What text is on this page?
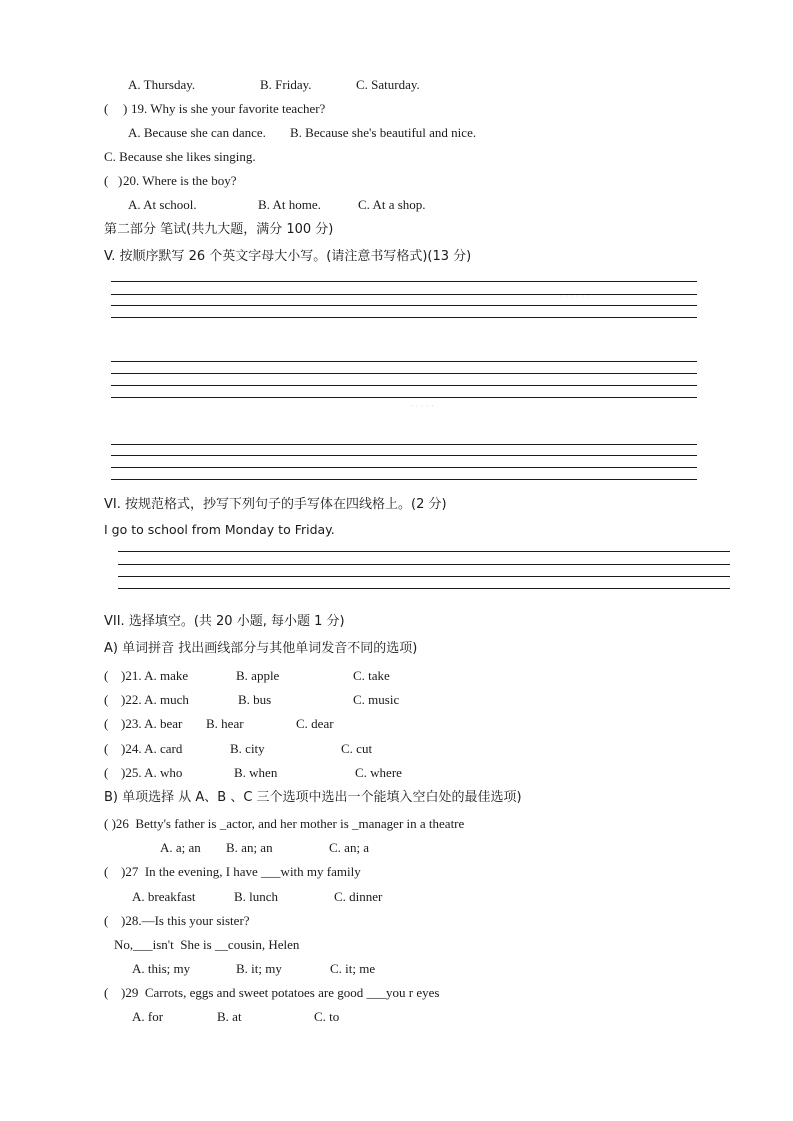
A. Thursday.	B. Friday.	C. Saturday.
( ) 19. Why is she your favorite teacher?
A. Because she can dance. B. Because she's beautiful and nice.
C. Because she likes singing.
( ) 20. Where is the boy?
A. At school.	B. At home.	C. At a shop.
第二部分 笔试(共九大题，满分 100 分)
V. 按顺序默写 26 个英文字母大小写。(请注意书写格式)(13 分)
· · · · · ·
· · · · ·
VI. 按规范格式，抄写下列句子的手写体在四线格上。(2 分)
I go to school from Monday to Friday.
VII. 选择填空。(共 20 小题, 每小题 1 分)
A) 单词拼音 找出画线部分与其他单词发音不同的选项)
( )21. A. make	B. apple	C. take
( )22. A. much	B. bus	C. music
( )23. A. bear B. hear	C. dear
( )24. A. card	B. city	C. cut
( )25. A. who	B. when	C. where
B) 单项选择 从 A、B 、C 三个选项中选出一个能填入空白处的最佳选项)
( )26  Betty's father is _actor, and her mother is _manager in a theatre
A. a; an B. an; an	C. an; a
( )27  In the evening, I have ___with my family
A. breakfast	B. lunch	C. dinner
( )28.—Is this your sister?
No,___isn't  She is __cousin, Helen
A. this; my	B. it; my	C. it; me
( )29  Carrots, eggs and sweet potatoes are good ___you r eyes
A. for	B. at	C. to
